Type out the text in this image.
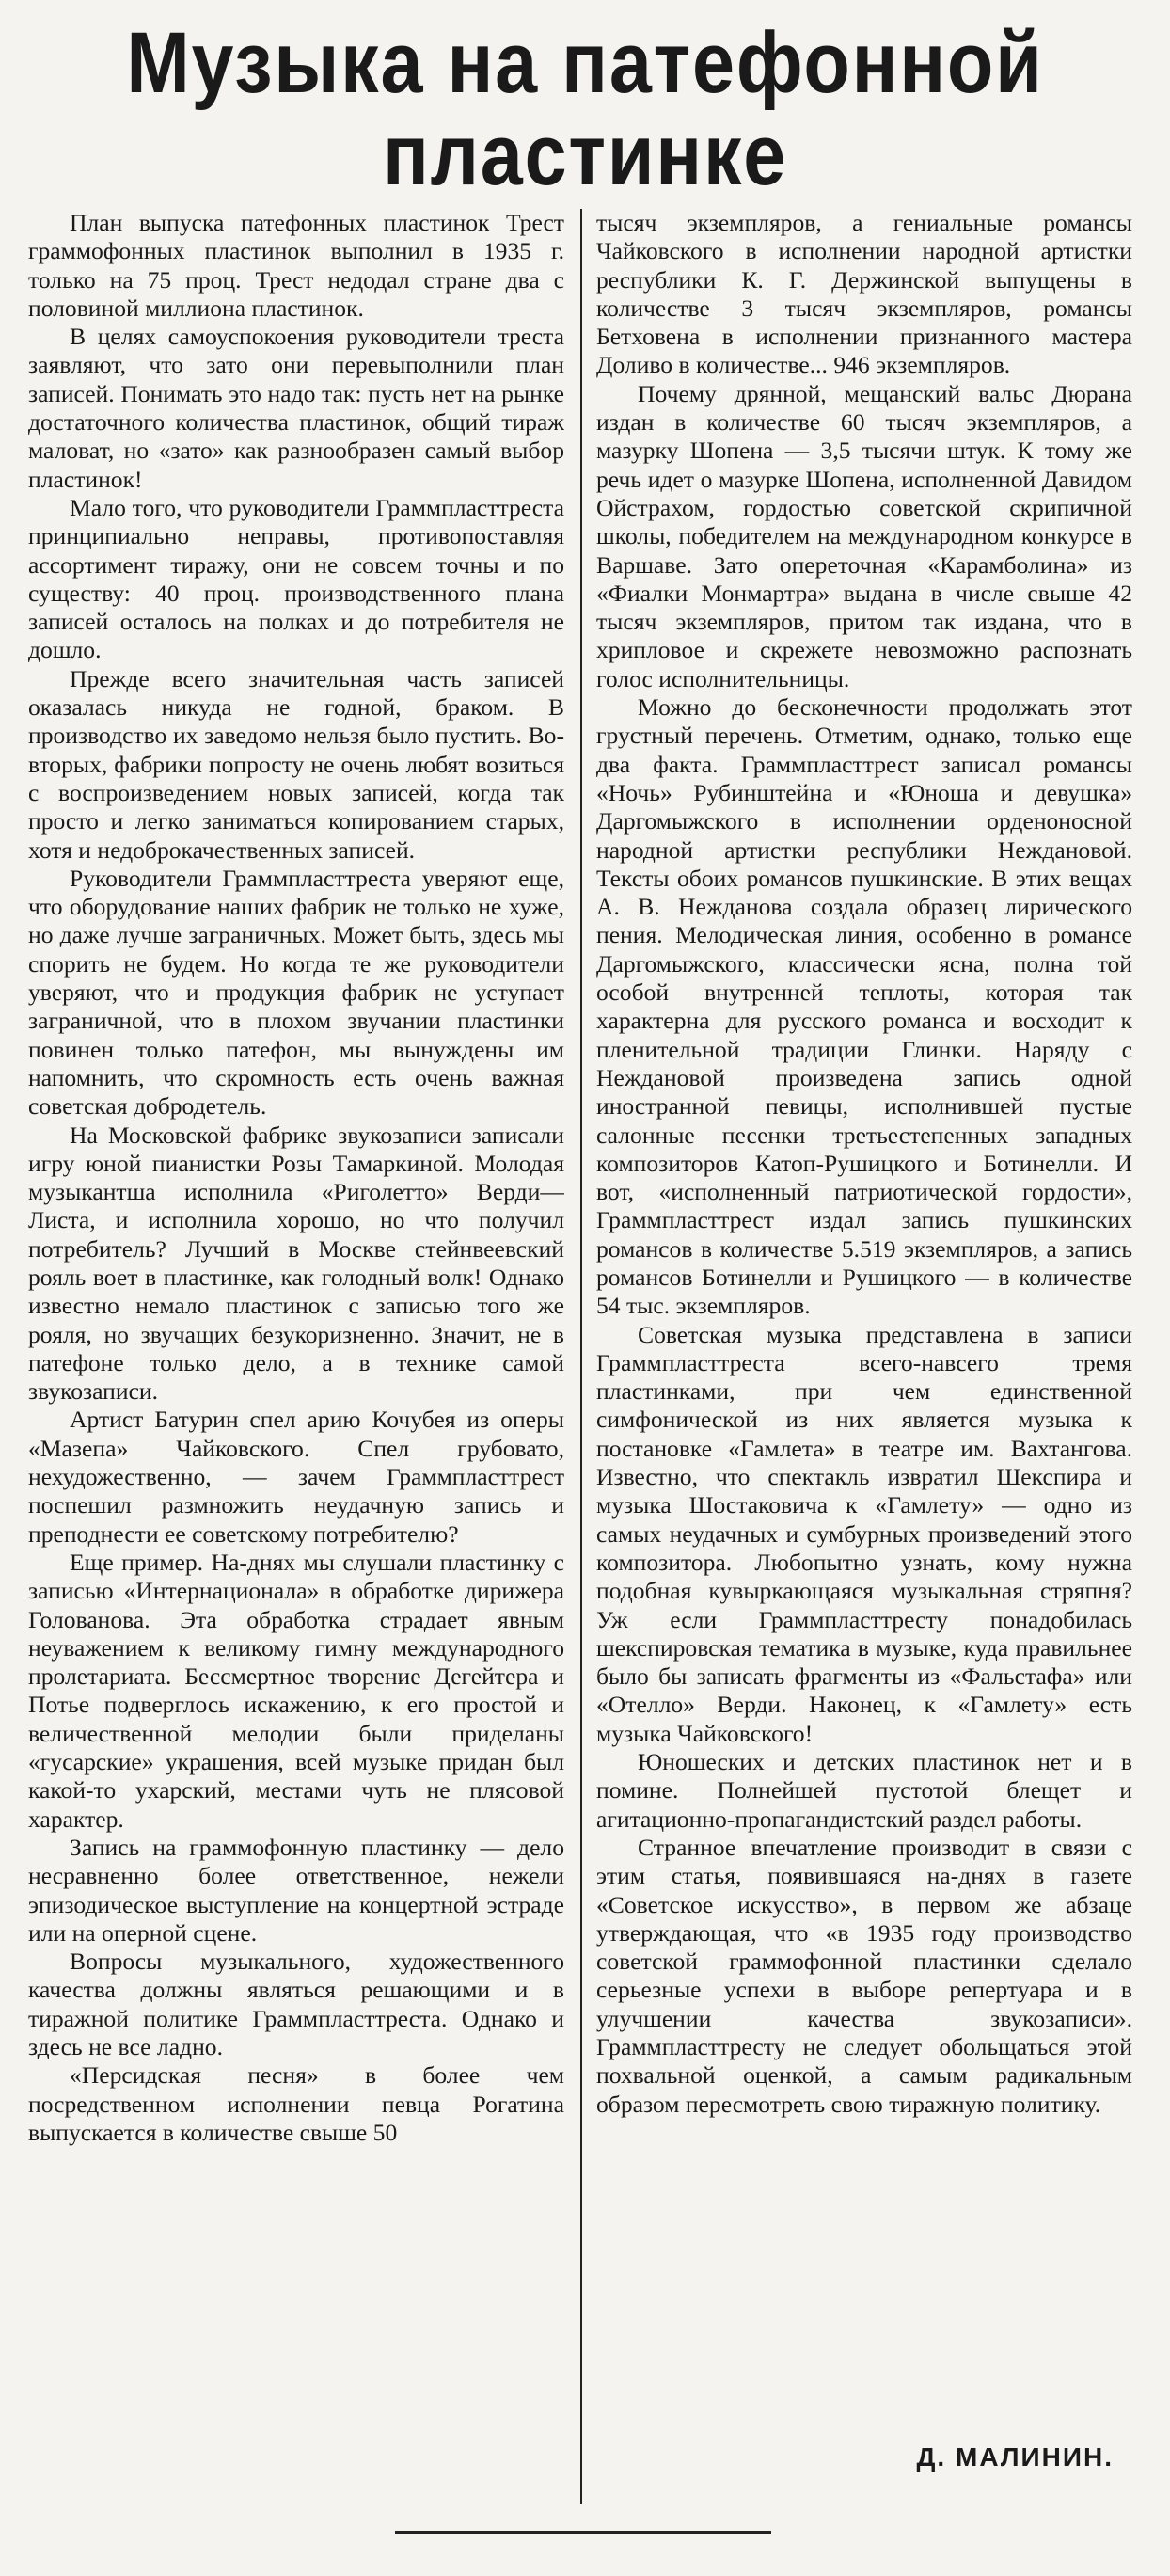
Музыка на патефонной пластинке

План выпуска патефонных пластинок Трест граммофонных пластинок выполнил в 1935 г. только на 75 проц. Трест недодал стране два с половиной миллиона пластинок.

В целях самоуспокоения руководители треста заявляют, что зато они перевыполнили план записей. Понимать это надо так: пусть нет на рынке достаточного количества пластинок, общий тираж маловат, но «зато» как разнообразен самый выбор пластинок!

Мало того, что руководители Граммпласттреста принципиально неправы, противопоставляя ассортимент тиражу, они не совсем точны и по существу: 40 проц. производственного плана записей осталось на полках и до потребителя не дошло.

Прежде всего значительная часть записей оказалась никуда не годной, браком. В производство их заведомо нельзя было пустить. Во-вторых, фабрики попросту не очень любят возиться с воспроизведением новых записей, когда так просто и легко заниматься копированием старых, хотя и недоброкачественных записей.

Руководители Граммпласттреста уверяют еще, что оборудование наших фабрик не только не хуже, но даже лучше заграничных. Может быть, здесь мы спорить не будем. Но когда те же руководители уверяют, что и продукция фабрик не уступает заграничной, что в плохом звучании пластинки повинен только патефон, мы вынуждены им напомнить, что скромность есть очень важная советская добродетель.

На Московской фабрике звукозаписи записали игру юной пианистки Розы Тамаркиной. Молодая музыкантша исполнила «Риголетто» Верди—Листа, и исполнила хорошо, но что получил потребитель? Лучший в Москве стейнвеевский рояль воет в пластинке, как голодный волк! Однако известно немало пластинок с записью того же рояля, но звучащих безукоризненно. Значит, не в патефоне только дело, а в технике самой звукозаписи.

Артист Батурин спел арию Кочубея из оперы «Мазепа» Чайковского. Спел грубовато, нехудожественно, — зачем Граммпласттрест поспешил размножить неудачную запись и преподнести ее советскому потребителю?

Еще пример. На-днях мы слушали пластинку с записью «Интернационала» в обработке дирижера Голованова. Эта обработка страдает явным неуважением к великому гимну международного пролетариата. Бессмертное творение Дегейтера и Потье подверглось искажению, к его простой и величественной мелодии были приделаны «гусарские» украшения, всей музыке придан был какой-то ухарский, местами чуть не плясовой характер.

Запись на граммофонную пластинку — дело несравненно более ответственное, нежели эпизодическое выступление на концертной эстраде или на оперной сцене.

Вопросы музыкального, художественного качества должны являться решающими и в тиражной политике Граммпласттреста. Однако и здесь не все ладно.

«Персидская песня» в более чем посредственном исполнении певца Рогатина выпускается в количестве свыше 50

тысяч экземпляров, а гениальные романсы Чайковского в исполнении народной артистки республики К. Г. Держинской выпущены в количестве 3 тысяч экземпляров, романсы Бетховена в исполнении признанного мастера Доливо в количестве... 946 экземпляров.

Почему дрянной, мещанский вальс Дюрана издан в количестве 60 тысяч экземпляров, а мазурку Шопена — 3,5 тысячи штук. К тому же речь идет о мазурке Шопена, исполненной Давидом Ойстрахом, гордостью советской скрипичной школы, победителем на международном конкурсе в Варшаве. Зато опереточная «Карамболина» из «Фиалки Монмартра» выдана в числе свыше 42 тысяч экземпляров, притом так издана, что в хрипловое и скрежете невозможно распознать голос исполнительницы.

Можно до бесконечности продолжать этот грустный перечень. Отметим, однако, только еще два факта. Граммпласттрест записал романсы «Ночь» Рубинштейна и «Юноша и девушка» Даргомыжского в исполнении орденоносной народной артистки республики Неждановой. Тексты обоих романсов пушкинские. В этих вещах А. В. Нежданова создала образец лирического пения. Мелодическая линия, особенно в романсе Даргомыжского, классически ясна, полна той особой внутренней теплоты, которая так характерна для русского романса и восходит к пленительной традиции Глинки. Наряду с Неждановой произведена запись одной иностранной певицы, исполнившей пустые салонные песенки третьестепенных западных композиторов Катоп-Рушицкого и Ботинелли. И вот, «исполненный патриотической гордости», Граммпласттрест издал запись пушкинских романсов в количестве 5.519 экземпляров, а запись романсов Ботинелли и Рушицкого — в количестве 54 тыс. экземпляров.

Советская музыка представлена в записи Граммпласттреста всего-навсего тремя пластинками, при чем единственной симфонической из них является музыка к постановке «Гамлета» в театре им. Вахтангова. Известно, что спектакль извратил Шекспира и музыка Шостаковича к «Гамлету» — одно из самых неудачных и сумбурных произведений этого композитора. Любопытно узнать, кому нужна подобная кувыркающаяся музыкальная стряпня? Уж если Граммпласттресту понадобилась шекспировская тематика в музыке, куда правильнее было бы записать фрагменты из «Фальстафа» или «Отелло» Верди. Наконец, к «Гамлету» есть музыка Чайковского!

Юношеских и детских пластинок нет и в помине. Полнейшей пустотой блещет и агитационно-пропагандистский раздел работы.

Странное впечатление производит в связи с этим статья, появившаяся на-днях в газете «Советское искусство», в первом же абзаце утверждающая, что «в 1935 году производство советской граммофонной пластинки сделало серьезные успехи в выборе репертуара и в улучшении качества звукозаписи». Граммпласттресту не следует обольщаться этой похвальной оценкой, а самым радикальным образом пересмотреть свою тиражную политику.

Д. МАЛИНИН.
